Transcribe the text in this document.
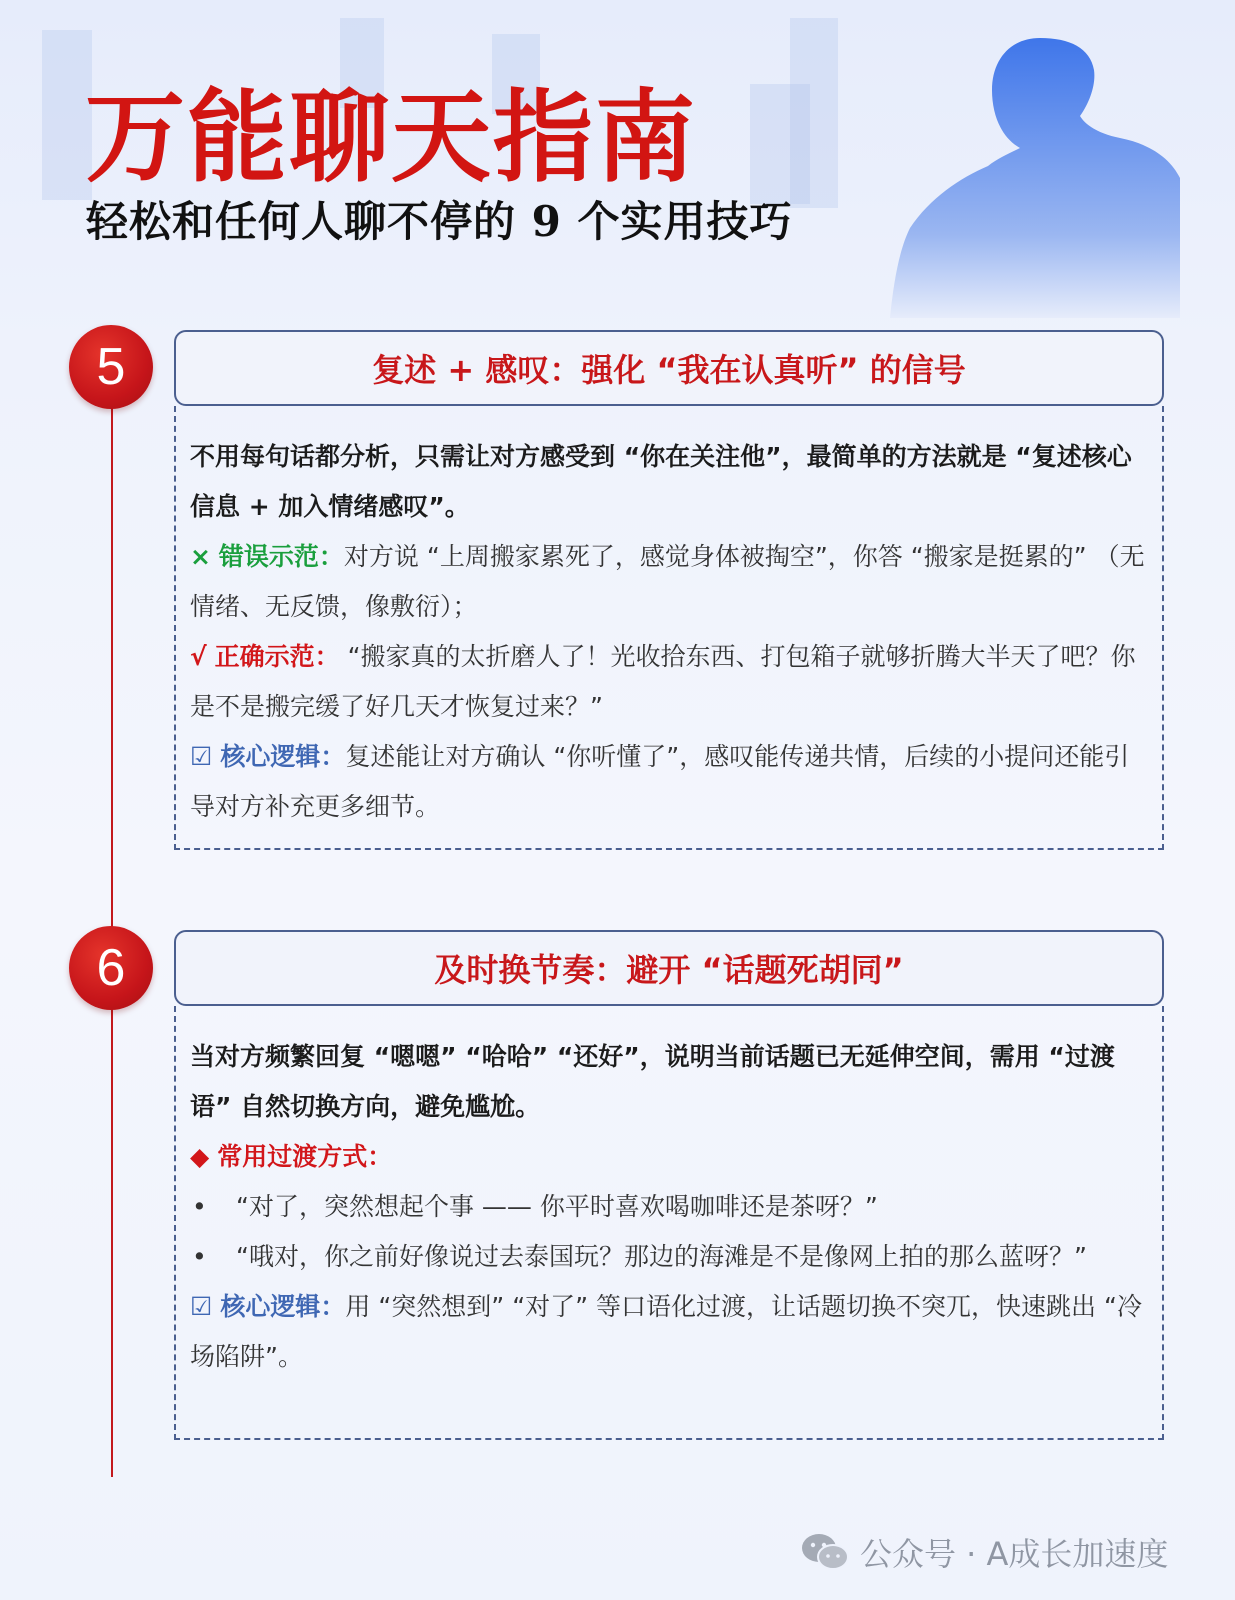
万能聊天指南
轻松和任何人聊不停的 9 个实用技巧
5	复述 + 感叹：强化 “我在认真听” 的信号

不用每句话都分析，只需让对方感受到 “你在关注他”，最简单的方法就是 “复述核心信息 + 加入情绪感叹”。

× 错误示范：对方说 “上周搬家累死了，感觉身体被掏空”，你答 “搬家是挺累的” （无情绪、无反馈，像敷衍）；

√ 正确示范： “搬家真的太折磨人了！光收拾东西、打包箱子就够折腾大半天了吧？你是不是搬完缓了好几天才恢复过来？”

☑ 核心逻辑：复述能让对方确认 “你听懂了”，感叹能传递共情，后续的小提问还能引导对方补充更多细节。

6	及时换节奏：避开 “话题死胡同”

当对方频繁回复 “嗯嗯” “哈哈” “还好”，说明当前话题已无延伸空间，需用 “过渡语” 自然切换方向，避免尴尬。

◆ 常用过渡方式：

•	“对了，突然想起个事 —— 你平时喜欢喝咖啡还是茶呀？”
•	“哦对，你之前好像说过去泰国玩？那边的海滩是不是像网上拍的那么蓝呀？”

☑ 核心逻辑：用 “突然想到” “对了” 等口语化过渡，让话题切换不突兀，快速跳出 “冷场陷阱”。

公众号 · A成长加速度
